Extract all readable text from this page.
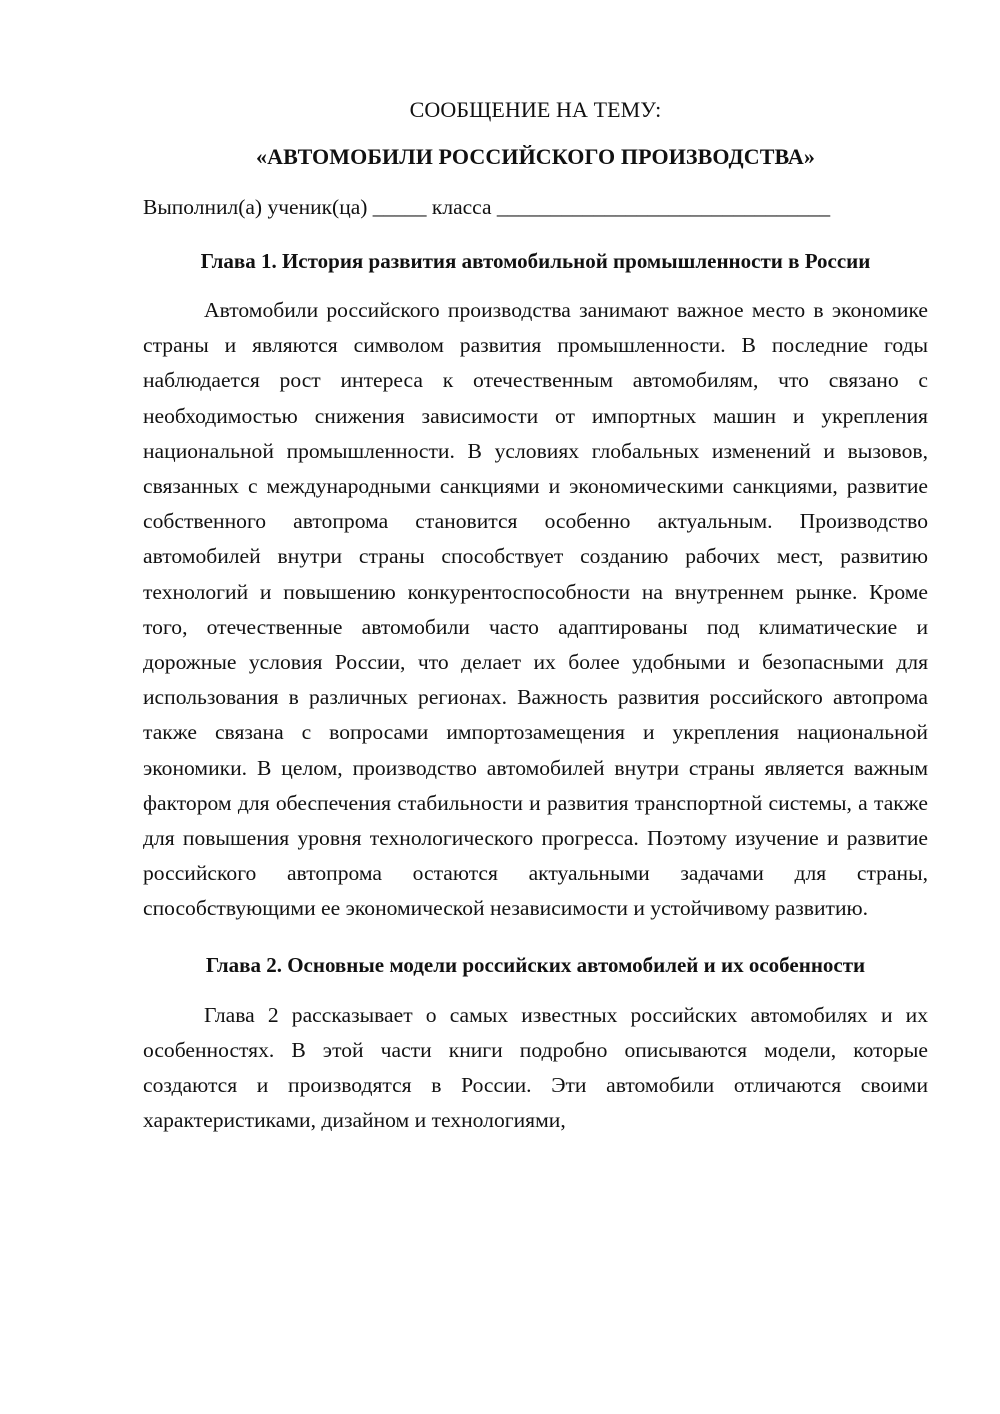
СООБЩЕНИЕ НА ТЕМУ:

«АВТОМОБИЛИ РОССИЙСКОГО ПРОИЗВОДСТВА»

Выполнил(а) ученик(ца) _____ класса _______________________________

Глава 1. История развития автомобильной промышленности в России

Автомобили российского производства занимают важное место в экономике страны и являются символом развития промышленности. В последние годы наблюдается рост интереса к отечественным автомобилям, что связано с необходимостью снижения зависимости от импортных машин и укрепления национальной промышленности. В условиях глобальных изменений и вызовов, связанных с международными санкциями и экономическими санкциями, развитие собственного автопрома становится особенно актуальным. Производство автомобилей внутри страны способствует созданию рабочих мест, развитию технологий и повышению конкурентоспособности на внутреннем рынке. Кроме того, отечественные автомобили часто адаптированы под климатические и дорожные условия России, что делает их более удобными и безопасными для использования в различных регионах. Важность развития российского автопрома также связана с вопросами импортозамещения и укрепления национальной экономики. В целом, производство автомобилей внутри страны является важным фактором для обеспечения стабильности и развития транспортной системы, а также для повышения уровня технологического прогресса. Поэтому изучение и развитие российского автопрома остаются актуальными задачами для страны, способствующими ее экономической независимости и устойчивому развитию.

Глава 2. Основные модели российских автомобилей и их особенности

Глава 2 рассказывает о самых известных российских автомобилях и их особенностях. В этой части книги подробно описываются модели, которые создаются и производятся в России. Эти автомобили отличаются своими характеристиками, дизайном и технологиями,
